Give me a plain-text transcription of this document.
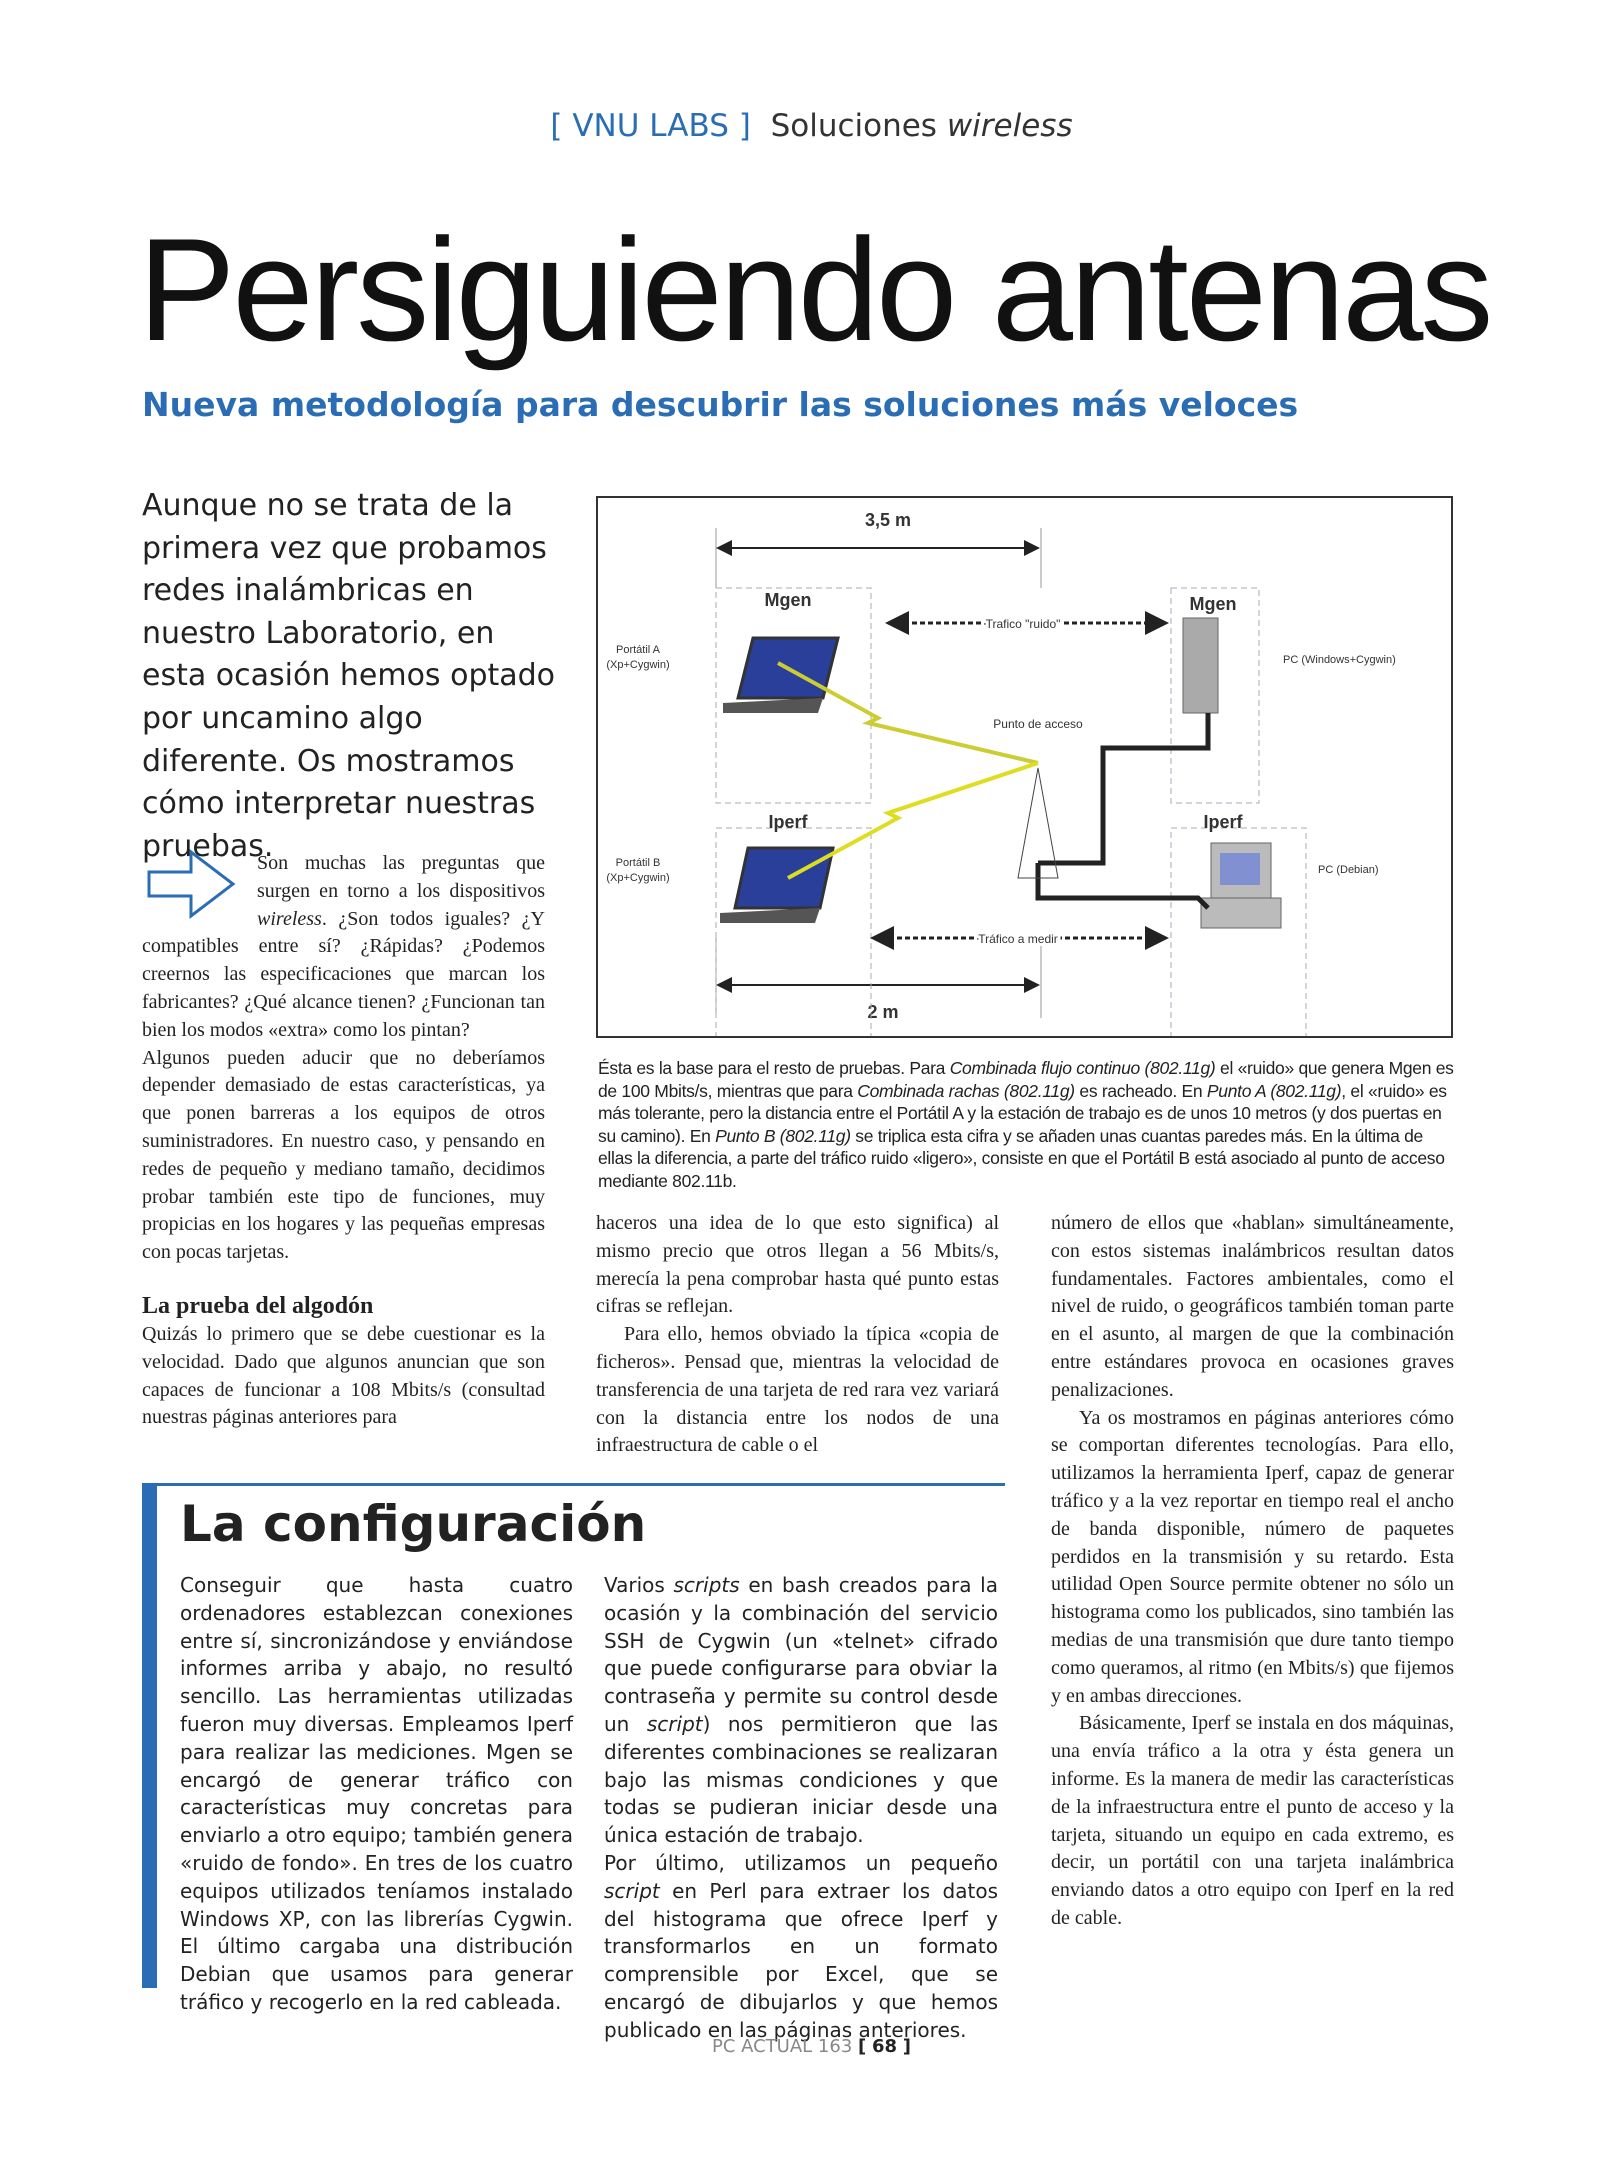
[ VNU LABS ] Soluciones wireless
Persiguiendo antenas
Nueva metodología para descubrir las soluciones más veloces
Aunque no se trata de la primera vez que probamos redes inalámbricas en nuestro Laboratorio, en esta ocasión hemos optado por uncamino algo diferente. Os mostramos cómo interpretar nuestras pruebas.

Son muchas las preguntas que surgen en torno a los dispositivos wireless. ¿Son todos iguales? ¿Y compatibles entre sí? ¿Rápidas? ¿Podemos creernos las especificaciones que marcan los fabricantes? ¿Qué alcance tienen? ¿Funcionan tan bien los modos «extra» como los pintan?

Algunos pueden aducir que no deberíamos depender demasiado de estas características, ya que ponen barreras a los equipos de otros suministradores. En nuestro caso, y pensando en redes de pequeño y mediano tamaño, decidimos probar también este tipo de funciones, muy propicias en los hogares y las pequeñas empresas con pocas tarjetas.

La prueba del algodón

Quizás lo primero que se debe cuestionar es la velocidad. Dado que algunos anuncian que son capaces de funcionar a 108 Mbits/s (consultad nuestras páginas anteriores para

3,5 m
2 m
Mgen	Mgen
Iperf	Iperf
Trafico "ruido"
Tráfico a medir
Punto de acceso
Portátil A
(Xp+Cygwin)
Portátil B
(Xp+Cygwin)
PC (Windows+Cygwin)
PC (Debian)
Ésta es la base para el resto de pruebas. Para Combinada flujo continuo (802.11g) el «ruido» que genera Mgen es de 100 Mbits/s, mientras que para Combinada rachas (802.11g) es racheado. En Punto A (802.11g), el «ruido» es más tolerante, pero la distancia entre el Portátil A y la estación de trabajo es de unos 10 metros (y dos puertas en su camino). En Punto B (802.11g) se triplica esta cifra y se añaden unas cuantas paredes más. En la última de ellas la diferencia, a parte del tráfico ruido «ligero», consiste en que el Portátil B está asociado al punto de acceso mediante 802.11b.

haceros una idea de lo que esto significa) al mismo precio que otros llegan a 56 Mbits/s, merecía la pena comprobar hasta qué punto estas cifras se reflejan.

Para ello, hemos obviado la típica «copia de ficheros». Pensad que, mientras la velocidad de transferencia de una tarjeta de red rara vez variará con la distancia entre los nodos de una infraestructura de cable o el

número de ellos que «hablan» simultáneamente, con estos sistemas inalámbricos resultan datos fundamentales. Factores ambientales, como el nivel de ruido, o geográficos también toman parte en el asunto, al margen de que la combinación entre estándares provoca en ocasiones graves penalizaciones.

Ya os mostramos en páginas anteriores cómo se comportan diferentes tecnologías. Para ello, utilizamos la herramienta Iperf, capaz de generar tráfico y a la vez reportar en tiempo real el ancho de banda disponible, número de paquetes perdidos en la transmisión y su retardo. Esta utilidad Open Source permite obtener no sólo un histograma como los publicados, sino también las medias de una transmisión que dure tanto tiempo como queramos, al ritmo (en Mbits/s) que fijemos y en ambas direcciones.

Básicamente, Iperf se instala en dos máquinas, una envía tráfico a la otra y ésta genera un informe. Es la manera de medir las características de la infraestructura entre el punto de acceso y la tarjeta, situando un equipo en cada extremo, es decir, un portátil con una tarjeta inalámbrica enviando datos a otro equipo con Iperf en la red de cable.

La configuración
Conseguir que hasta cuatro ordenadores establezcan conexiones entre sí, sincronizándose y enviándose informes arriba y abajo, no resultó sencillo. Las herramientas utilizadas fueron muy diversas. Empleamos Iperf para realizar las mediciones. Mgen se encargó de generar tráfico con características muy concretas para enviarlo a otro equipo; también genera «ruido de fondo». En tres de los cuatro equipos utilizados teníamos instalado Windows XP, con las librerías Cygwin. El último cargaba una distribución Debian que usamos para generar tráfico y recogerlo en la red cableada.

Varios scripts en bash creados para la ocasión y la combinación del servicio SSH de Cygwin (un «telnet» cifrado que puede configurarse para obviar la contraseña y permite su control desde un script) nos permitieron que las diferentes combinaciones se realizaran bajo las mismas condiciones y que todas se pudieran iniciar desde una única estación de trabajo.

Por último, utilizamos un pequeño script en Perl para extraer los datos del histograma que ofrece Iperf y transformarlos en un formato comprensible por Excel, que se encargó de dibujarlos y que hemos publicado en las páginas anteriores.

PC ACTUAL 163 [ 68 ]
